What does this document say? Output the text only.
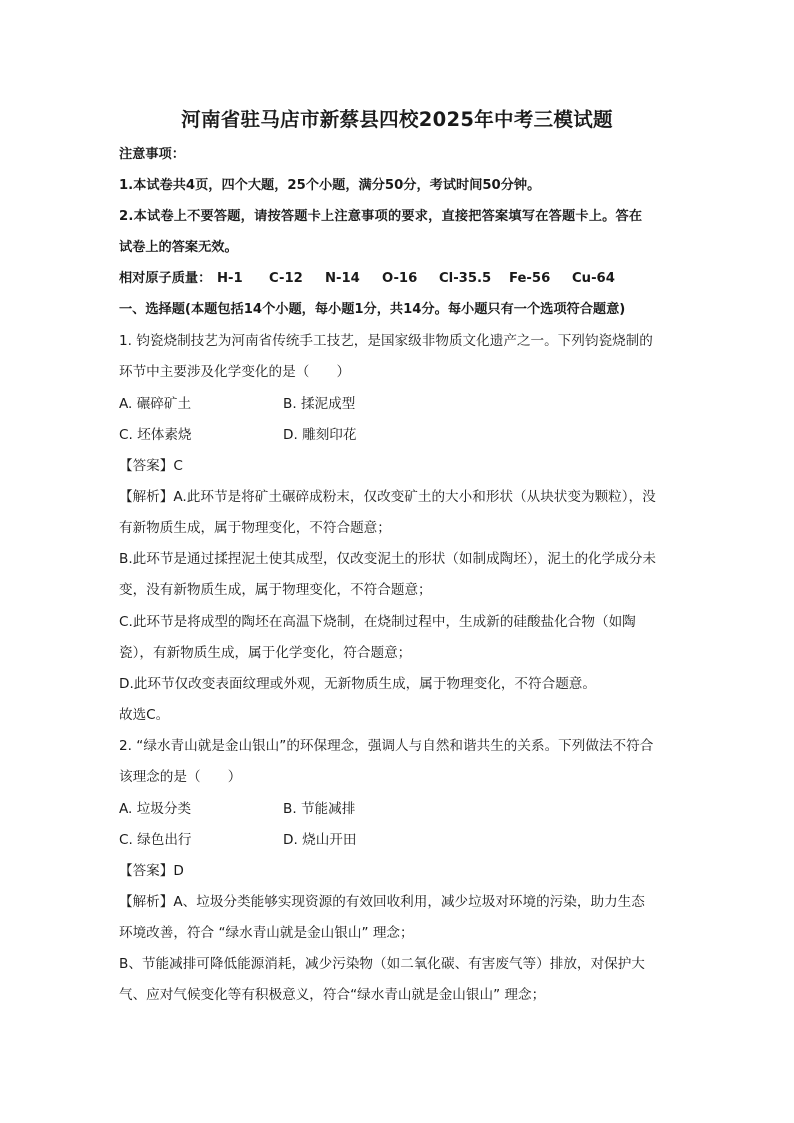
河南省驻马店市新蔡县四校2025年中考三模试题
注意事项：
1.本试卷共4页，四个大题，25个小题，满分50分，考试时间50分钟。
2.本试卷上不要答题，请按答题卡上注意事项的要求，直接把答案填写在答题卡上。答在
试卷上的答案无效。
相对原子质量： H-1 C-12 N-14 O-16 Cl-35.5 Fe-56 Cu-64
一、选择题(本题包括14个小题，每小题1分，共14分。每小题只有一个选项符合题意)
1. 钧瓷烧制技艺为河南省传统手工技艺，是国家级非物质文化遗产之一。下列钧瓷烧制的
环节中主要涉及化学变化的是（　　）
A. 碾碎矿土	B. 揉泥成型
C. 坯体素烧	D. 雕刻印花
【答案】C
【解析】A.此环节是将矿土碾碎成粉末，仅改变矿土的大小和形状（从块状变为颗粒），没
有新物质生成，属于物理变化，不符合题意；
B.此环节是通过揉捏泥土使其成型，仅改变泥土的形状（如制成陶坯），泥土的化学成分未
变，没有新物质生成，属于物理变化，不符合题意；
C.此环节是将成型的陶坯在高温下烧制，在烧制过程中，生成新的硅酸盐化合物（如陶
瓷），有新物质生成，属于化学变化，符合题意；
D.此环节仅改变表面纹理或外观，无新物质生成，属于物理变化，不符合题意。
故选C。
2. “绿水青山就是金山银山”的环保理念，强调人与自然和谐共生的关系。下列做法不符合
该理念的是（　　）
A. 垃圾分类	B. 节能减排
C. 绿色出行	D. 烧山开田
【答案】D
【解析】A、垃圾分类能够实现资源的有效回收利用，减少垃圾对环境的污染，助力生态
环境改善，符合 “绿水青山就是金山银山” 理念；
B、节能减排可降低能源消耗，减少污染物（如二氧化碳、有害废气等）排放，对保护大
气、应对气候变化等有积极意义，符合“绿水青山就是金山银山” 理念；
